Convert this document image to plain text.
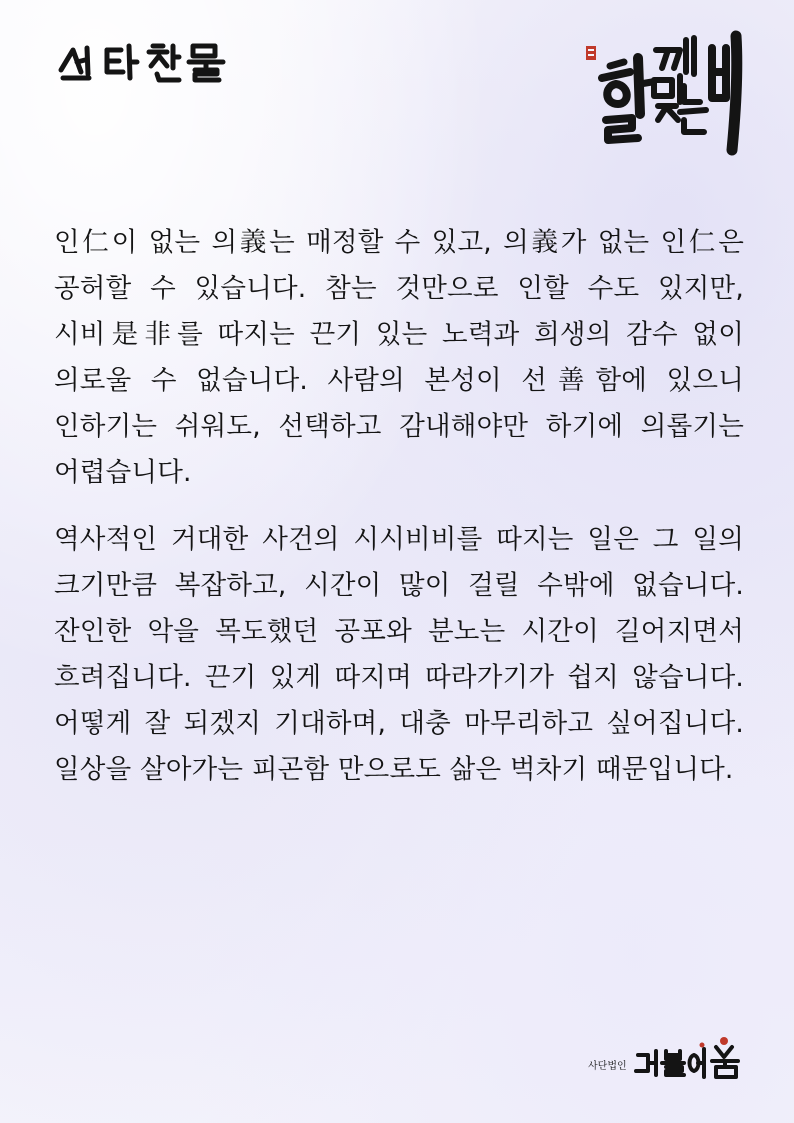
인仁이 없는 의義는 매정할 수 있고, 의義가 없는 인仁은 공허할 수 있습니다. 참는 것만으로 인할 수도 있지만, 시비是非를 따지는 끈기 있는 노력과 희생의 감수 없이 의로울 수 없습니다. 사람의 본성이 선善함에 있으니 인하기는 쉬워도, 선택하고 감내해야만 하기에 의롭기는 어렵습니다.

역사적인 거대한 사건의 시시비비를 따지는 일은 그 일의 크기만큼 복잡하고, 시간이 많이 걸릴 수밖에 없습니다. 잔인한 악을 목도했던 공포와 분노는 시간이 길어지면서 흐려집니다. 끈기 있게 따지며 따라가기가 쉽지 않습니다. 어떻게 잘 되겠지 기대하며, 대충 마무리하고 싶어집니다. 일상을 살아가는 피곤함 만으로도 삶은 벅차기 때문입니다.

사단법인
